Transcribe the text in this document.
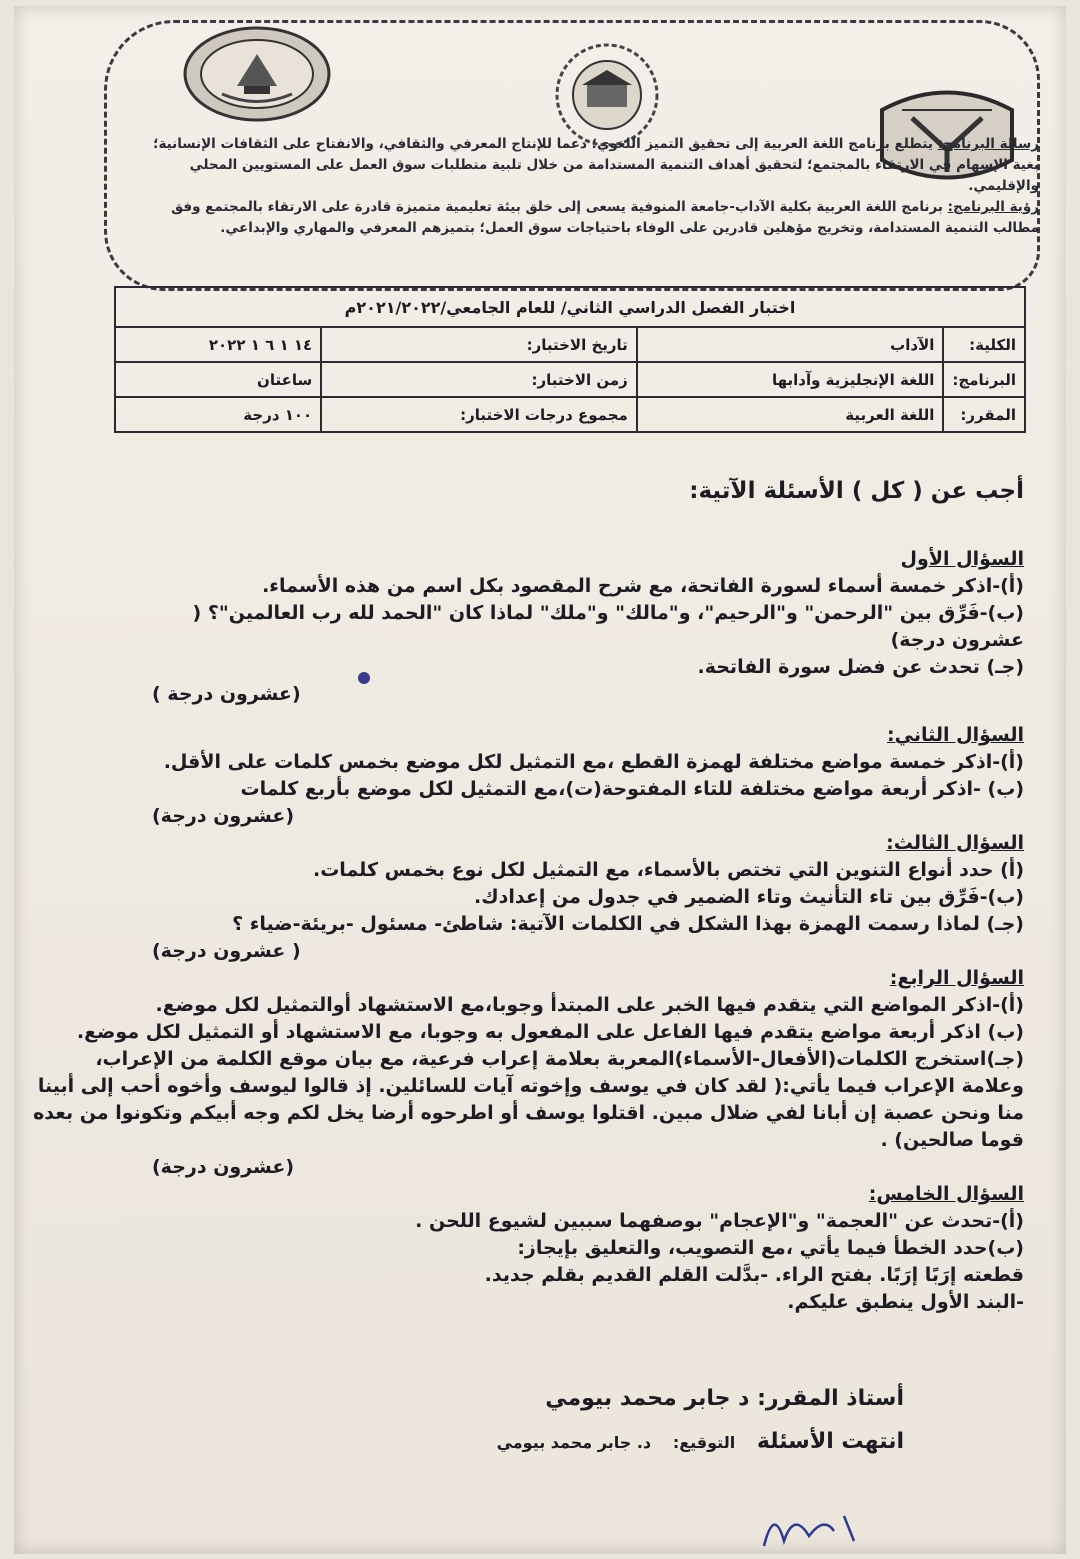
رسالة البرنامج: يتطلع برنامج اللغة العربية إلى تحقيق التميز اللغوي؛ دعما للإنتاج المعرفي والثقافي، والانفتاح على الثقافات الإنسانية؛ بغية الإسهام في الارتقاء بالمجتمع؛ لتحقيق أهداف التنمية المستدامة من خلال تلبية متطلبات سوق العمل على المستويين المحلي والإقليمي.
رؤية البرنامج: برنامج اللغة العربية بكلية الآداب-جامعة المنوفية يسعى إلى خلق بيئة تعليمية متميزة قادرة على الارتقاء بالمجتمع وفق مطالب التنمية المستدامة، وتخريج مؤهلين قادرين على الوفاء باحتياجات سوق العمل؛ بتميزهم المعرفي والمهاري والإبداعي.
اختبار الفصل الدراسي الثاني/ للعام الجامعي/٢٠٢١/٢٠٢٢م			
الكلية:	الآداب	تاريخ الاختبار:	١٤ ١ ٦ ١ ٢٠٢٢
البرنامج:	اللغة الإنجليزية وآدابها	زمن الاختبار:	ساعتان
المقرر:	اللغة العربية	مجموع درجات الاختبار:	١٠٠ درجة
أجب عن ( كل ) الأسئلة الآتية:
السؤال الأول
(أ)-اذكر خمسة أسماء لسورة الفاتحة، مع شرح المقصود بكل اسم من هذه الأسماء.
(ب)-فَرِّق بين "الرحمن" و"الرحيم"، و"مالك" و"ملك" لماذا كان "الحمد لله رب العالمين"؟ (
عشرون درجة)
(جـ) تحدث عن فضل سورة الفاتحة.
(عشرون درجة )
السؤال الثاني:
(أ)-اذكر خمسة مواضع مختلفة لهمزة القطع ،مع التمثيل لكل موضع بخمس كلمات على الأقل.
(ب) -اذكر أربعة مواضع مختلفة للتاء المفتوحة(ت)،مع التمثيل لكل موضع بأربع كلمات
(عشرون درجة)
السؤال الثالث:
(أ) حدد أنواع التنوين التي تختص بالأسماء، مع التمثيل لكل نوع بخمس كلمات.
(ب)-فَرِّق بين تاء التأنيث وتاء الضمير في جدول من إعدادك.
(جـ) لماذا رسمت الهمزة بهذا الشكل في الكلمات الآتية: شاطئ- مسئول -بريئة-ضياء ؟
( عشرون درجة)
السؤال الرابع:
(أ)-اذكر المواضع التي يتقدم فيها الخبر على المبتدأ وجوبا،مع الاستشهاد أوالتمثيل لكل موضع.
(ب) اذكر أربعة مواضع يتقدم فيها الفاعل على المفعول به وجوبا، مع الاستشهاد أو التمثيل لكل موضع. (جـ)استخرج الكلمات(الأفعال-الأسماء)المعربة بعلامة إعراب فرعية، مع بيان موقع الكلمة من الإعراب، وعلامة الإعراب فيما يأتي:( لقد كان في يوسف وإخوته آيات للسائلين. إذ قالوا ليوسف وأخوه أحب إلى أبينا منا ونحن عصبة إن أبانا لفي ضلال مبين. اقتلوا يوسف أو اطرحوه أرضا يخل لكم وجه أبيكم وتكونوا من بعده قوما صالحين) .
(عشرون درجة)
السؤال الخامس:
(أ)-تحدث عن "العجمة" و"الإعجام" بوصفهما سببين لشيوع اللحن .
(ب)حدد الخطأ فيما يأتي ،مع التصويب، والتعليق بإيجاز:
قطعته إرَبًا إرَبًا. بفتح الراء. -بدَّلت القلم القديم بقلم جديد.
-البند الأول ينطبق عليكم.
أستاذ المقرر: د جابر محمد بيومي
انتهت الأسئلة التوقيع: د. جابر محمد بيومي
